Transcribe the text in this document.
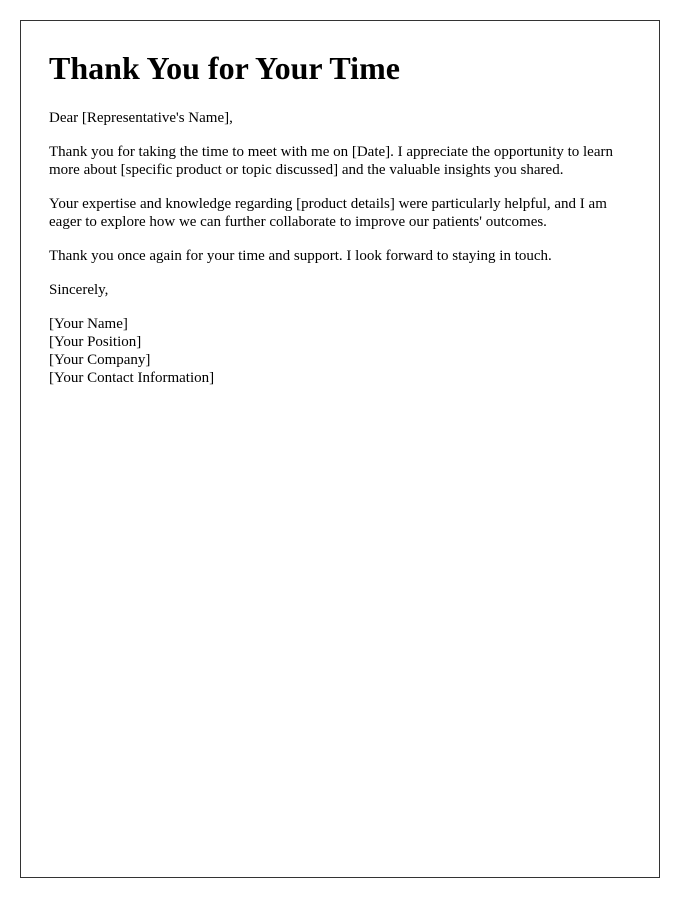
Thank You for Your Time

Dear [Representative's Name],

Thank you for taking the time to meet with me on [Date]. I appreciate the opportunity to learn more about [specific product or topic discussed] and the valuable insights you shared.

Your expertise and knowledge regarding [product details] were particularly helpful, and I am eager to explore how we can further collaborate to improve our patients' outcomes.

Thank you once again for your time and support. I look forward to staying in touch.

Sincerely,

[Your Name]
[Your Position]
[Your Company]
[Your Contact Information]
